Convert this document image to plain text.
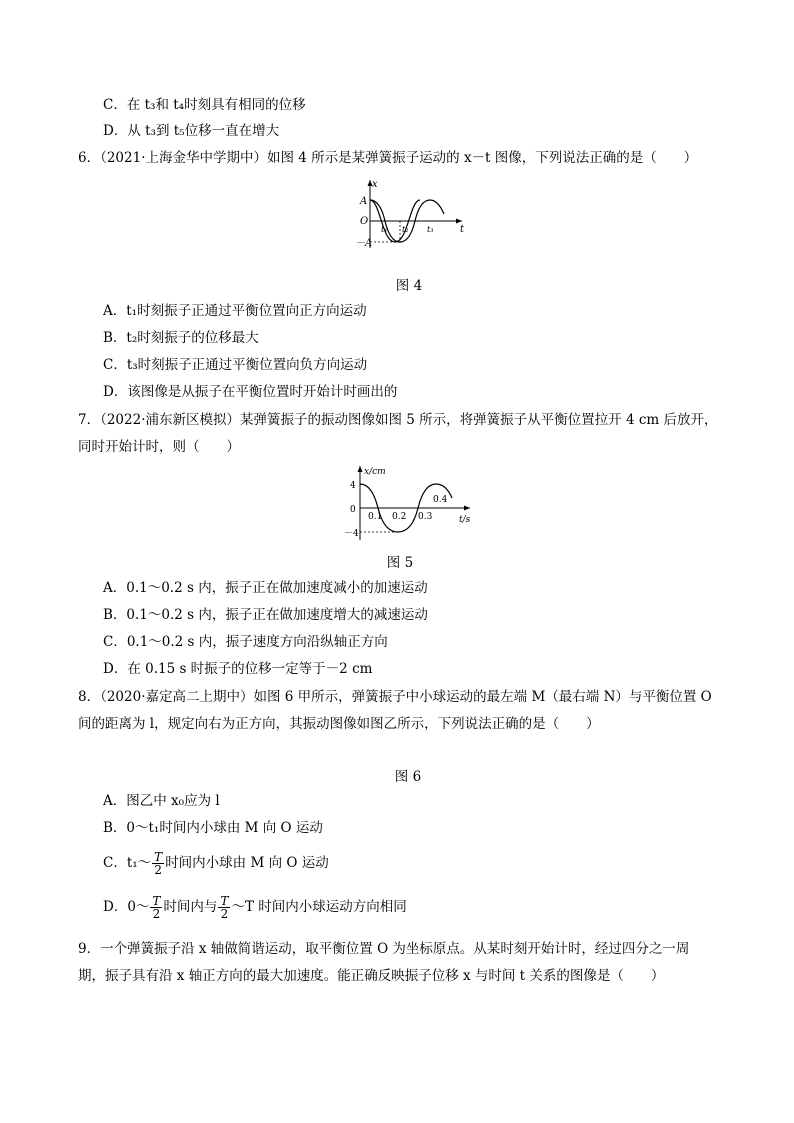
C．在 t₃和 t₄时刻具有相同的位移
D．从 t₃到 t₅位移一直在增大
6．（2021·上海金华中学期中）如图 4 所示是某弹簧振子运动的 x－t 图像，下列说法正确的是（　　）
x
t
A
－A
O
t₁ t₂ t₃
图 4
A．t₁时刻振子正通过平衡位置向正方向运动
B．t₂时刻振子的位移最大
C．t₃时刻振子正通过平衡位置向负方向运动
D．该图像是从振子在平衡位置时开始计时画出的
7．（2022·浦东新区模拟）某弹簧振子的振动图像如图 5 所示，将弹簧振子从平衡位置拉开 4 cm 后放开，
同时开始计时，则（　　）
x/cm
t/s
4
0
－4
0.1 0.2 0.3
0.4
图 5
A．0.1～0.2 s 内，振子正在做加速度减小的加速运动
B．0.1～0.2 s 内，振子正在做加速度增大的减速运动
C．0.1～0.2 s 内，振子速度方向沿纵轴正方向
D．在 0.15 s 时振子的位移一定等于－2 cm
8．（2020·嘉定高二上期中）如图 6 甲所示，弹簧振子中小球运动的最左端 M（最右端 N）与平衡位置 O
间的距离为 l，规定向右为正方向，其振动图像如图乙所示，下列说法正确的是（　　）
图 6
A．图乙中 x₀应为 l
B．0～t₁时间内小球由 M 向 O 运动
C．t₁～ $\frac{T}{2}$ 时间内小球由 M 向 O 运动
D．0～ $\frac{T}{2}$ 时间内与 $\frac{T}{2}$ ～T 时间内小球运动方向相同
9．一个弹簧振子沿 x 轴做简谐运动，取平衡位置 O 为坐标原点。从某时刻开始计时，经过四分之一周
期，振子具有沿 x 轴正方向的最大加速度。能正确反映振子位移 x 与时间 t 关系的图像是（　　）
